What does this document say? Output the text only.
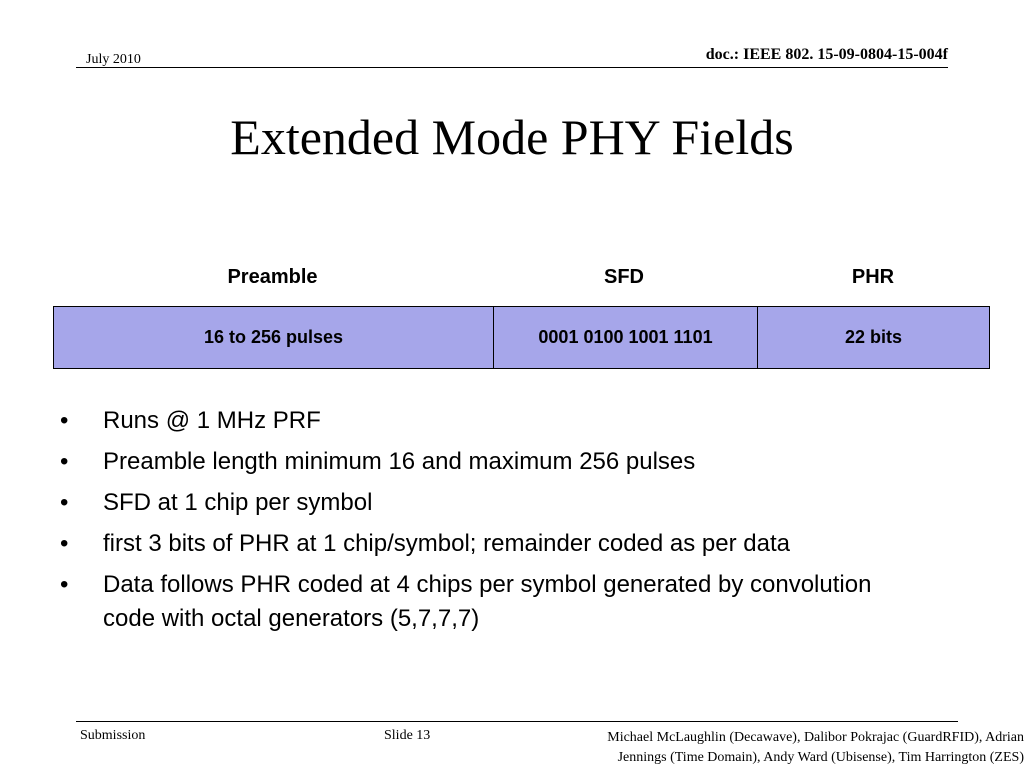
July 2010	doc.: IEEE 802. 15-09-0804-15-004f
Extended Mode PHY Fields
Preamble	SFD	PHR
16 to 256 pulses	0001 0100 1001 1101	22 bits
• Runs @ 1 MHz PRF
• Preamble length minimum 16 and maximum 256 pulses
• SFD at 1 chip per symbol
• first 3 bits of PHR at 1 chip/symbol; remainder coded as per data
• Data follows PHR coded at 4 chips per symbol generated by convolution code with octal generators (5,7,7,7)
Submission	Slide 13	Michael McLaughlin (Decawave), Dalibor Pokrajac (GuardRFID), Adrian
Jennings (Time Domain), Andy Ward (Ubisense), Tim Harrington (ZES)
